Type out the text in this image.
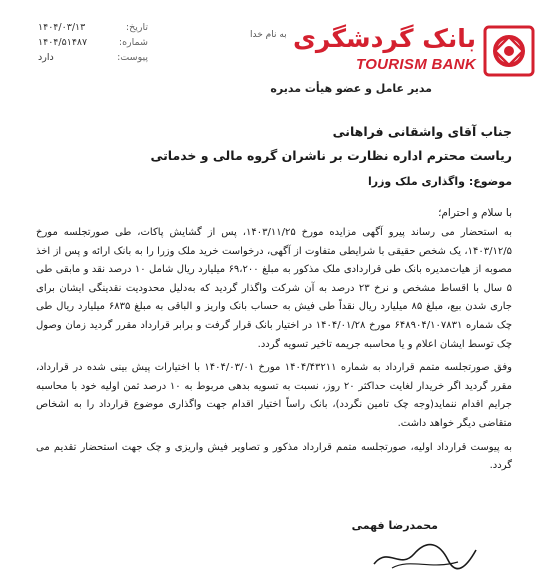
بانک گردشگری
TOURISM BANK
به نام خدا
تاریخ:
۱۴۰۴/۰۳/۱۳
شماره:
۱۴۰۴/۵۱۴۸۷
پیوست:
دارد
مدیر عامل و عضو هیأت مدیره
جناب آقای واشقانی فراهانی
ریاست محترم اداره نظارت بر ناشران گروه مالی و خدماتی
موضوع: واگذاری ملک وزرا
با سلام و احترام؛

به استحضار می رساند پیرو آگهی مزایده مورخ ۱۴۰۳/۱۱/۲۵، پس از گشایش پاکات، طی صورتجلسه مورخ ۱۴۰۳/۱۲/۵، یک شخص حقیقی با شرایطی متفاوت از آگهی، درخواست خرید ملک وزرا را به بانک ارائه و پس از اخذ مصوبه از هیات‌مدیره بانک طی قراردادی ملک مذکور به مبلغ ۶۹،۲۰۰ میلیارد ریال شامل ۱۰ درصد نقد و مابقی طی ۵ سال با اقساط مشخص و نرخ ۲۳ درصد به آن شرکت واگذار گردید که به‌دلیل محدودیت نقدینگی ایشان برای جاری شدن بیع، مبلغ ۸۵ میلیارد ریال نقداً طی فیش به حساب بانک واریز و الباقی به مبلغ ۶۸۳۵ میلیارد ریال طی چک شماره ۶۴۸۹۰۴/۱۰۷۸۳۱ مورخ ۱۴۰۴/۰۱/۲۸ در اختیار بانک قرار گرفت و برابر قرارداد مقرر گردید زمان وصول چک توسط ایشان اعلام و یا محاسبه جریمه تاخیر تسویه گردد.

وفق صورتجلسه متمم قرارداد به شماره ۱۴۰۴/۴۳۲۱۱ مورخ ۱۴۰۴/۰۳/۰۱ با اختیارات پیش بینی شده در قرارداد، مقرر گردید اگر خریدار لغایت حداکثر ۲۰ روز، نسبت به تسویه بدهی مربوط به ۱۰ درصد ثمن اولیه خود با محاسبه جرایم اقدام ننماید(وجه چک تامین نگردد)، بانک راساً اختیار اقدام جهت واگذاری موضوع قرارداد را به اشخاص متقاضی دیگر خواهد داشت.

به پیوست قرارداد اولیه، صورتجلسه متمم قرارداد مذکور و تصاویر فیش واریزی و چک جهت استحضار تقدیم می گردد.

محمدرضا فهمی
